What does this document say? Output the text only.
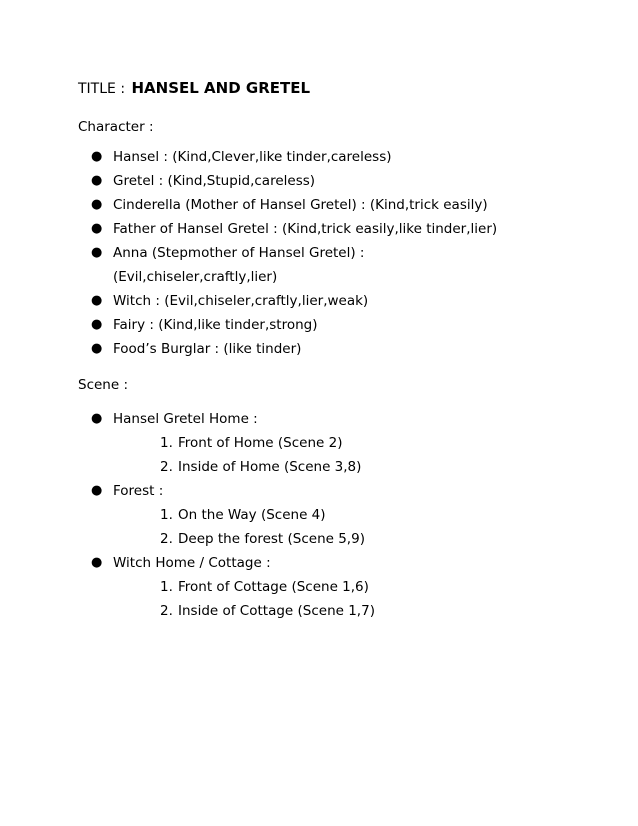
TITLE : HANSEL AND GRETEL
Character :
● Hansel : (Kind,Clever,like tinder,careless)
● Gretel : (Kind,Stupid,careless)
● Cinderella (Mother of Hansel Gretel) : (Kind,trick easily)
● Father of Hansel Gretel : (Kind,trick easily,like tinder,lier)
● Anna (Stepmother of Hansel Gretel) :
(Evil,chiseler,craftly,lier)
● Witch : (Evil,chiseler,craftly,lier,weak)
● Fairy : (Kind,like tinder,strong)
● Food’s Burglar : (like tinder)
Scene :
● Hansel Gretel Home :
1. Front of Home (Scene 2)
2. Inside of Home (Scene 3,8)
● Forest :
1. On the Way (Scene 4)
2. Deep the forest (Scene 5,9)
● Witch Home / Cottage :
1. Front of Cottage (Scene 1,6)
2. Inside of Cottage (Scene 1,7)
